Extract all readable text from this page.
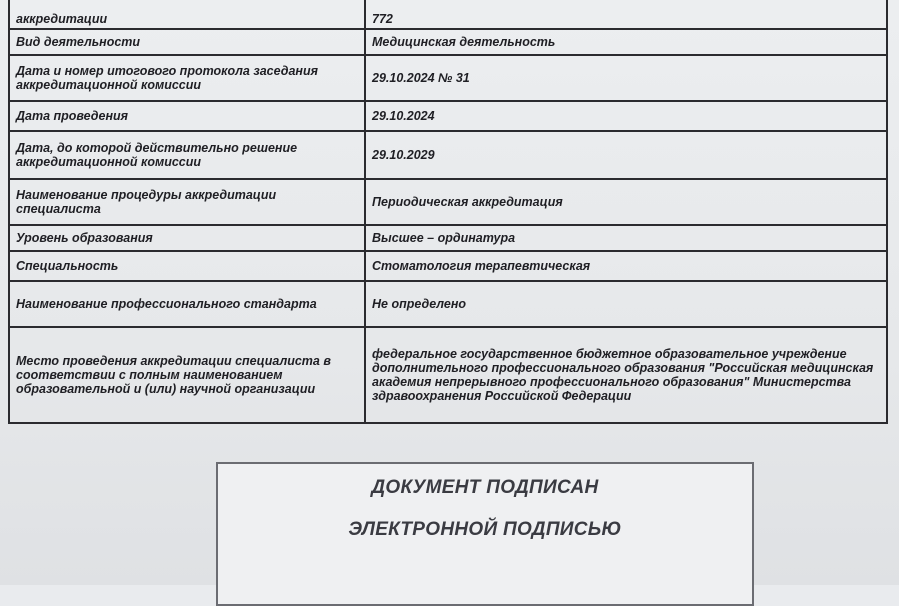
аккредитации	772
Вид деятельности	Медицинская деятельность
Дата и номер итогового протокола заседания аккредитационной комиссии	29.10.2024 № 31
Дата проведения	29.10.2024
Дата, до которой действительно решение аккредитационной комиссии	29.10.2029
Наименование процедуры аккредитации специалиста	Периодическая аккредитация
Уровень образования	Высшее – ординатура
Специальность	Стоматология терапевтическая
Наименование профессионального стандарта	Не определено
Место проведения аккредитации специалиста в соответствии с полным наименованием образовательной и (или) научной организации	федеральное государственное бюджетное образовательное учреждение дополнительного профессионального образования "Российская медицинская академия непрерывного профессионального образования" Министерства здравоохранения Российской Федерации
ДОКУМЕНТ ПОДПИСАН
ЭЛЕКТРОННОЙ ПОДПИСЬЮ
